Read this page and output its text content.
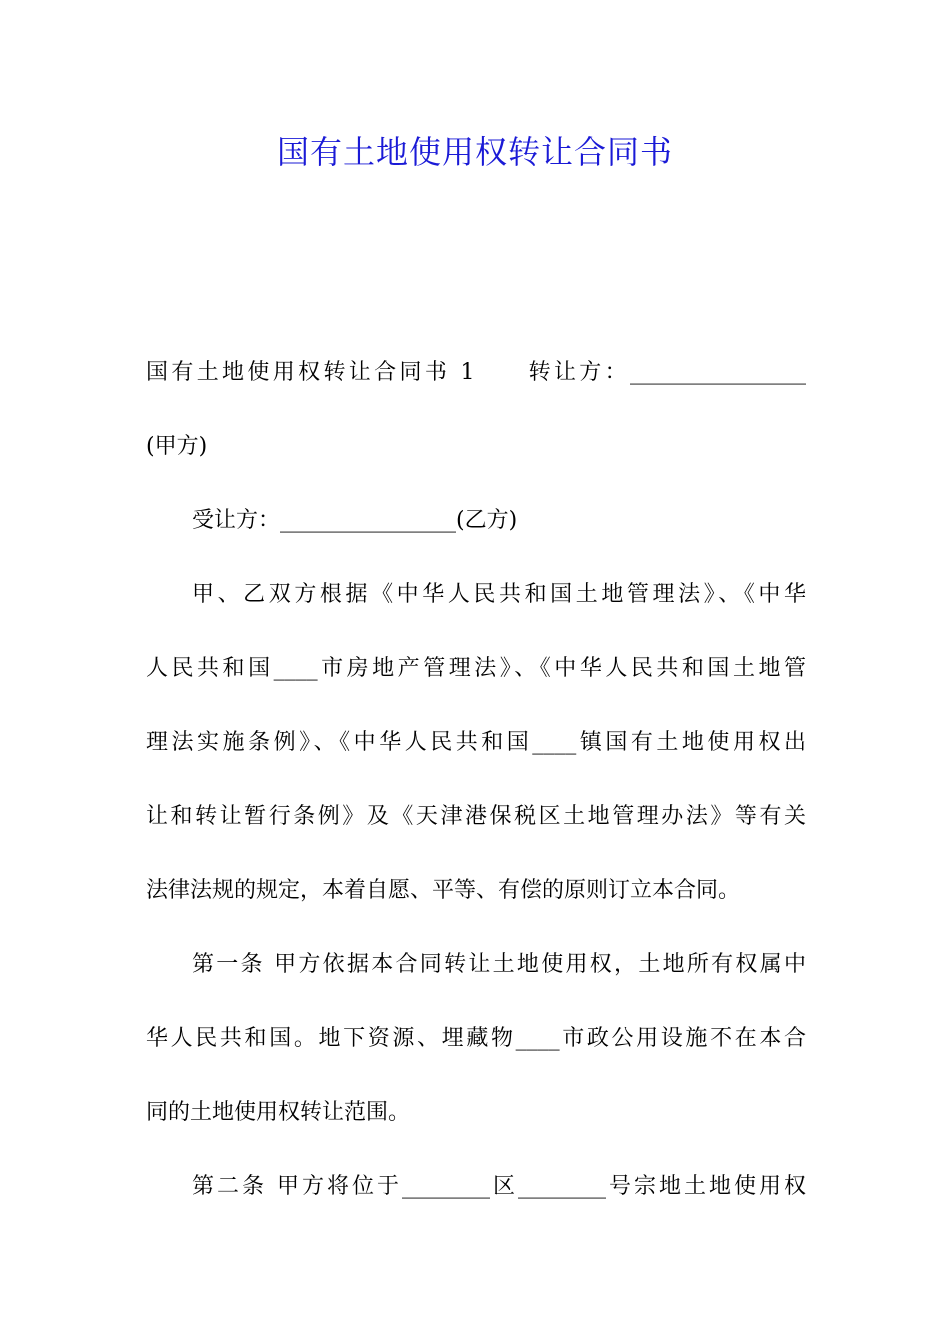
国有土地使用权转让合同书
国有土地使用权转让合同书 1　　转让方：________________
(甲方)
受让方：________________(乙方)
甲、乙双方根据《中华人民共和国土地管理法》、《中华
人民共和国____市房地产管理法》、《中华人民共和国土地管
理法实施条例》、《中华人民共和国____镇国有土地使用权出
让和转让暂行条例》及《天津港保税区土地管理办法》等有关
法律法规的规定，本着自愿、平等、有偿的原则订立本合同。
第一条 甲方依据本合同转让土地使用权，土地所有权属中
华人民共和国。地下资源、埋藏物____市政公用设施不在本合
同的土地使用权转让范围。
第二条 甲方将位于________区________号宗地土地使用权
